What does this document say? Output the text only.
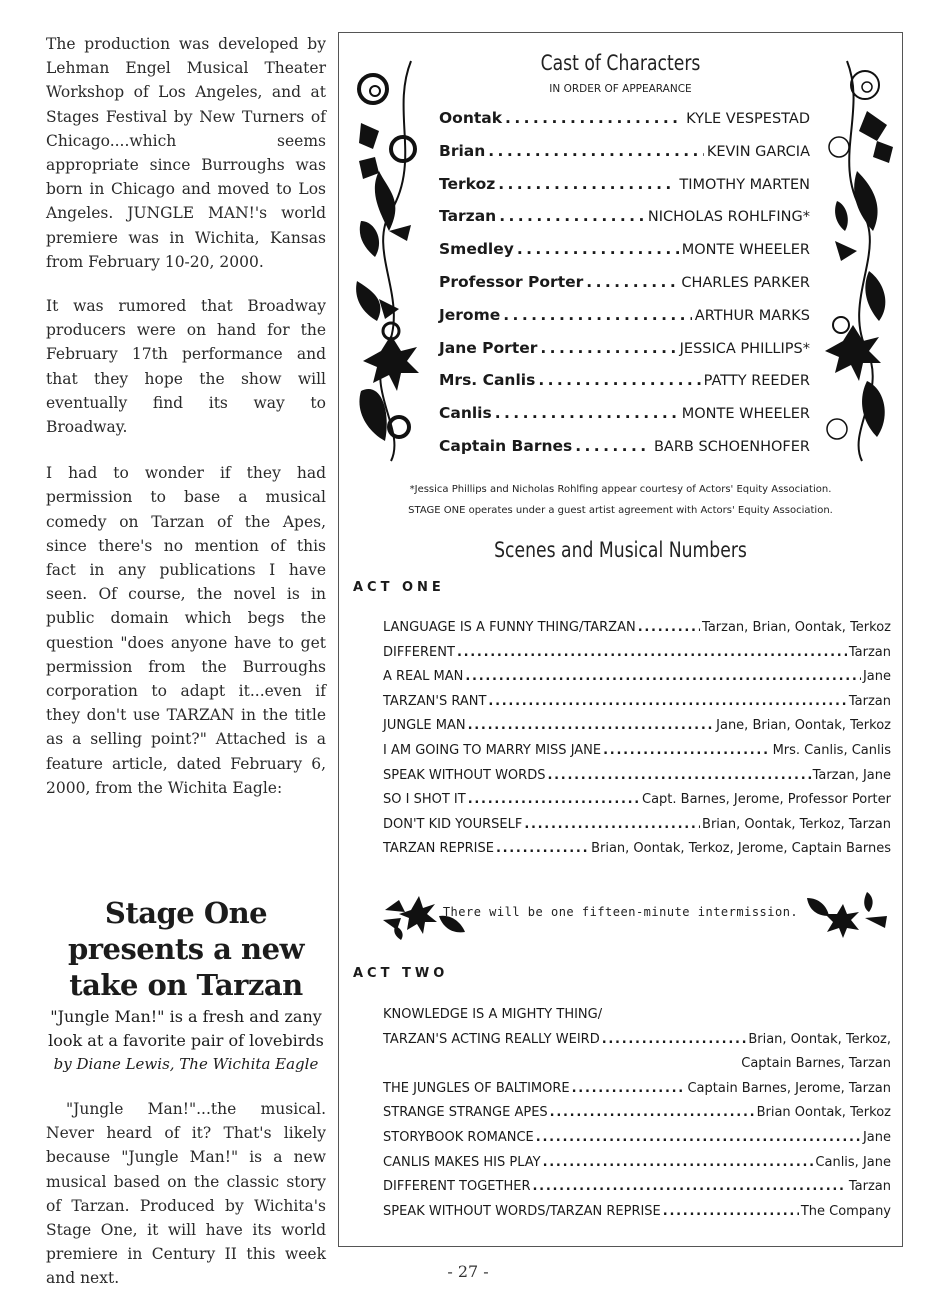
The production was developed by Lehman Engel Musical Theater Workshop of Los Angeles, and at Stages Festival by New Turners of Chicago....which seems appropriate since Burroughs was born in Chicago and moved to Los Angeles. JUNGLE MAN!'s world premiere was in Wichita, Kansas from February 10-20, 2000.

It was rumored that Broadway producers were on hand for the February 17th performance and that they hope the show will eventually find its way to Broadway.

I had to wonder if they had permission to base a musical comedy on Tarzan of the Apes, since there's no mention of this fact in any publications I have seen. Of course, the novel is in public domain which begs the question "does anyone have to get permission from the Burroughs corporation to adapt it...even if they don't use TARZAN in the title as a selling point?" Attached is a feature article, dated February 6, 2000, from the Wichita Eagle:

Stage One presents a new take on Tarzan
"Jungle Man!" is a fresh and zany look at a favorite pair of lovebirds
by Diane Lewis, The Wichita Eagle
"Jungle Man!"...the musical. Never heard of it? That's likely because "Jungle Man!" is a new musical based on the classic story of Tarzan. Produced by Wichita's Stage One, it will have its world premiere in Century II this week and next.
Cast of Characters
IN ORDER OF APPEARANCE
Oontak . . .	KYLE VESPESTAD
Brian . . .	KEVIN GARCIA
Terkoz . . .	TIMOTHY MARTEN
Tarzan . . .	NICHOLAS ROHLFING*
Smedley . . .	MONTE WHEELER
Professor Porter . . .	CHARLES PARKER
Jerome . . .	ARTHUR MARKS
Jane Porter . . .	JESSICA PHILLIPS*
Mrs. Canlis . . .	PATTY REEDER
Canlis . . .	MONTE WHEELER
Captain Barnes . . .	BARB SCHOENHOFER
*Jessica Phillips and Nicholas Rohlfing appear courtesy of Actors' Equity Association.
STAGE ONE operates under a guest artist agreement with Actors' Equity Association.
Scenes and Musical Numbers
ACT ONE
LANGUAGE IS A FUNNY THING/TARZAN . . .	Tarzan, Brian, Oontak, Terkoz
DIFFERENT . . .	Tarzan
A REAL MAN . . .	Jane
TARZAN'S RANT . . .	Tarzan
JUNGLE MAN . . .	Jane, Brian, Oontak, Terkoz
I AM GOING TO MARRY MISS JANE . . .	Mrs. Canlis, Canlis
SPEAK WITHOUT WORDS . . .	Tarzan, Jane
SO I SHOT IT . . .	Capt. Barnes, Jerome, Professor Porter
DON'T KID YOURSELF . . .	Brian, Oontak, Terkoz, Tarzan
TARZAN REPRISE . . .	Brian, Oontak, Terkoz, Jerome, Captain Barnes
There will be one fifteen-minute intermission.
ACT TWO
KNOWLEDGE IS A MIGHTY THING/
TARZAN'S ACTING REALLY WEIRD . . .	Brian, Oontak, Terkoz,
Captain Barnes, Tarzan
THE JUNGLES OF BALTIMORE . . .	Captain Barnes, Jerome, Tarzan
STRANGE STRANGE APES . . .	Brian Oontak, Terkoz
STORYBOOK ROMANCE . . .	Jane
CANLIS MAKES HIS PLAY . . .	Canlis, Jane
DIFFERENT TOGETHER . . .	Tarzan
SPEAK WITHOUT WORDS/TARZAN REPRISE . . .	The Company
- 27 -
